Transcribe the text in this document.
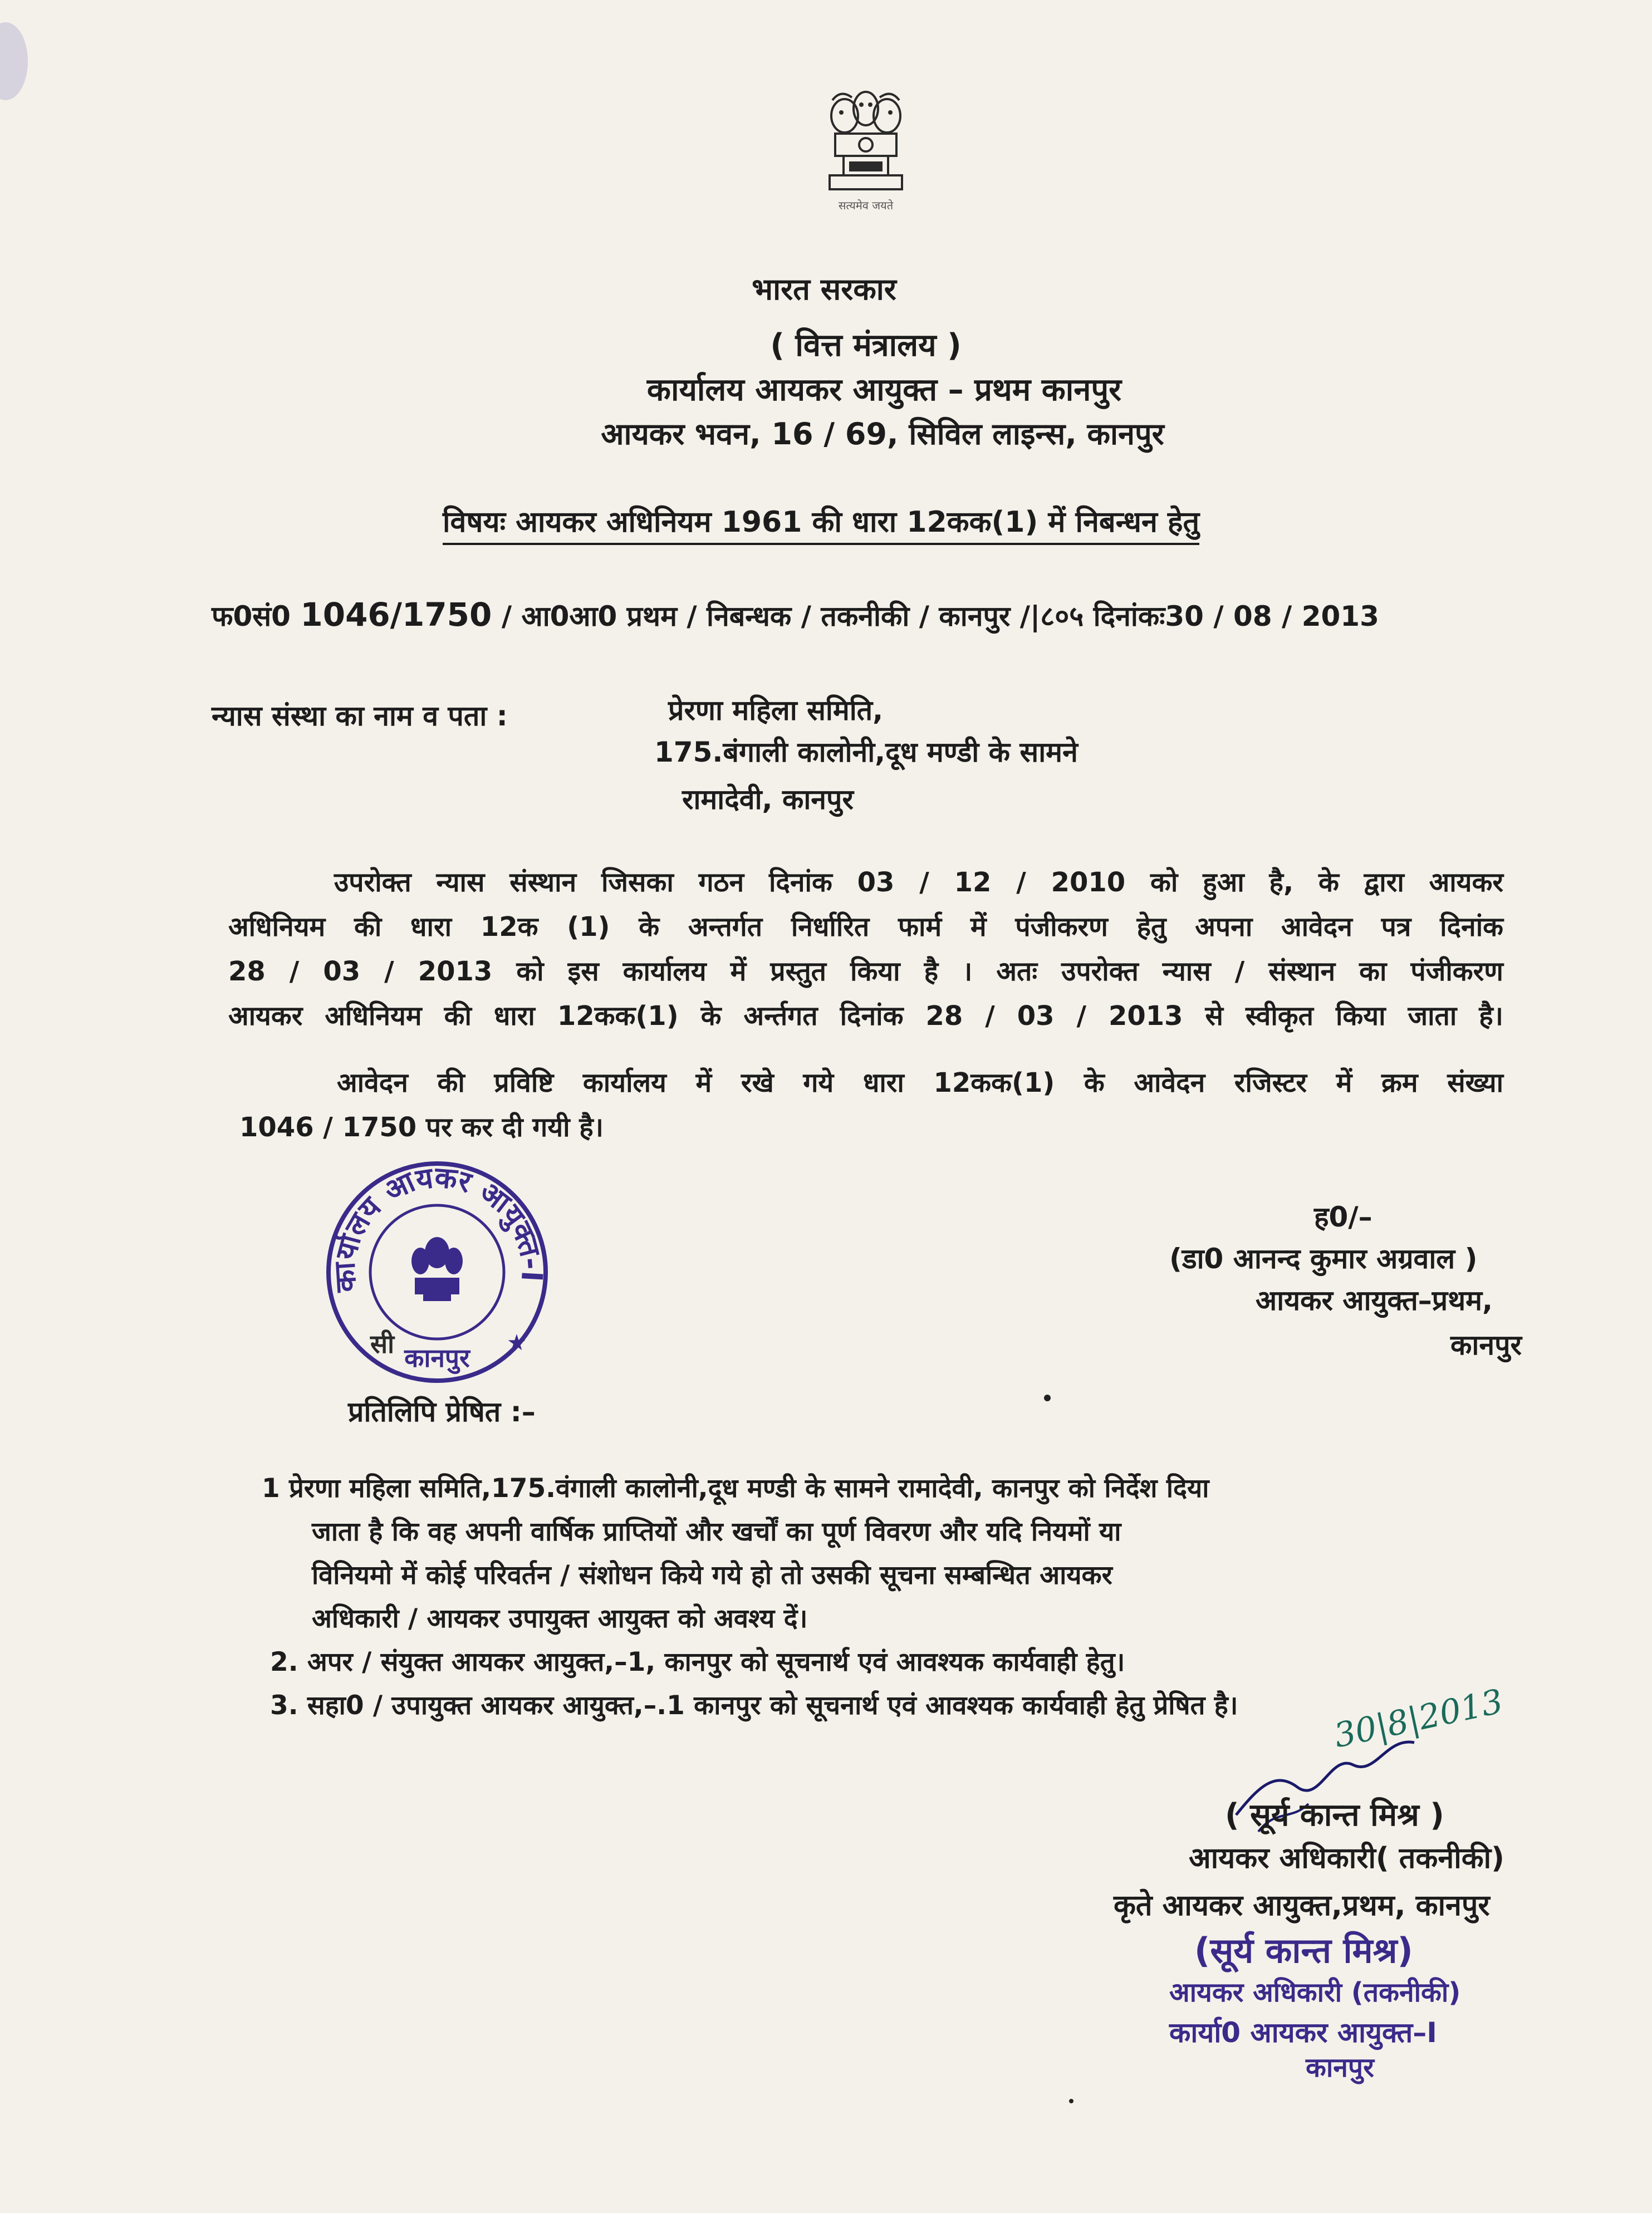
सत्यमेव जयते
भारत सरकार
( वित्त मंत्रालय )
कार्यालय आयकर आयुक्त – प्रथम कानपुर
आयकर भवन, 16 / 69, सिविल लाइन्स, कानपुर
विषयः आयकर अधिनियम 1961 की धारा 12कक(1) में निबन्धन हेतु
फ0सं0 1046/1750 / आ0आ0 प्रथम / निबन्धक / तकनीकी / कानपुर /|८०५ दिनांकः30 / 08 / 2013
न्यास संस्था का नाम व पता :	प्रेरणा महिला समिति,
175.बंगाली कालोनी,दूध मण्डी के सामने
रामादेवी, कानपुर
उपरोक्त न्यास संस्थान जिसका गठन दिनांक 03 / 12 / 2010 को हुआ है, के द्वारा आयकर
अधिनियम की धारा 12क (1) के अन्तर्गत निर्धारित फार्म में पंजीकरण हेतु अपना आवेदन पत्र दिनांक
28 / 03 / 2013 को इस कार्यालय में प्रस्तुत किया है । अतः उपरोक्त न्यास / संस्थान का पंजीकरण
आयकर अधिनियम की धारा 12कक(1) के अर्न्तगत दिनांक 28 / 03 / 2013 से स्वीकृत किया जाता है।
आवेदन की प्रविष्टि कार्यालय में रखे गये धारा 12कक(1) के आवेदन रजिस्टर में क्रम संख्या
1046 / 1750 पर कर दी गयी है।
कार्यालय आयकर आयुक्त-I
कानपुर
सी	★
ह0/–
(डा0 आनन्द कुमार अग्रवाल )
आयकर आयुक्त–प्रथम,
कानपुर
प्रतिलिपि प्रेषित :–
1 प्रेरणा महिला समिति,175.वंगाली कालोनी,दूध मण्डी के सामने रामादेवी, कानपुर को निर्देश दिया
जाता है कि वह अपनी वार्षिक प्राप्तियों और खर्चों का पूर्ण विवरण और यदि नियमों या
विनियमो में कोई परिवर्तन / संशोधन किये गये हो तो उसकी सूचना सम्बन्धित आयकर
अधिकारी / आयकर उपायुक्त आयुक्त को अवश्य दें।
2. अपर / संयुक्त आयकर आयुक्त,–1, कानपुर को सूचनार्थ एवं आवश्यक कार्यवाही हेतु।
3. सहा0 / उपायुक्त आयकर आयुक्त,–.1 कानपुर को सूचनार्थ एवं आवश्यक कार्यवाही हेतु प्रेषित है।	30|8|2013
( सूर्य कान्त मिश्र )
आयकर अधिकारी( तकनीकी)
कृते आयकर आयुक्त,प्रथम, कानपुर
(सूर्य कान्त मिश्र)
आयकर अधिकारी (तकनीकी)
कार्या0 आयकर आयुक्त–I
कानपुर
